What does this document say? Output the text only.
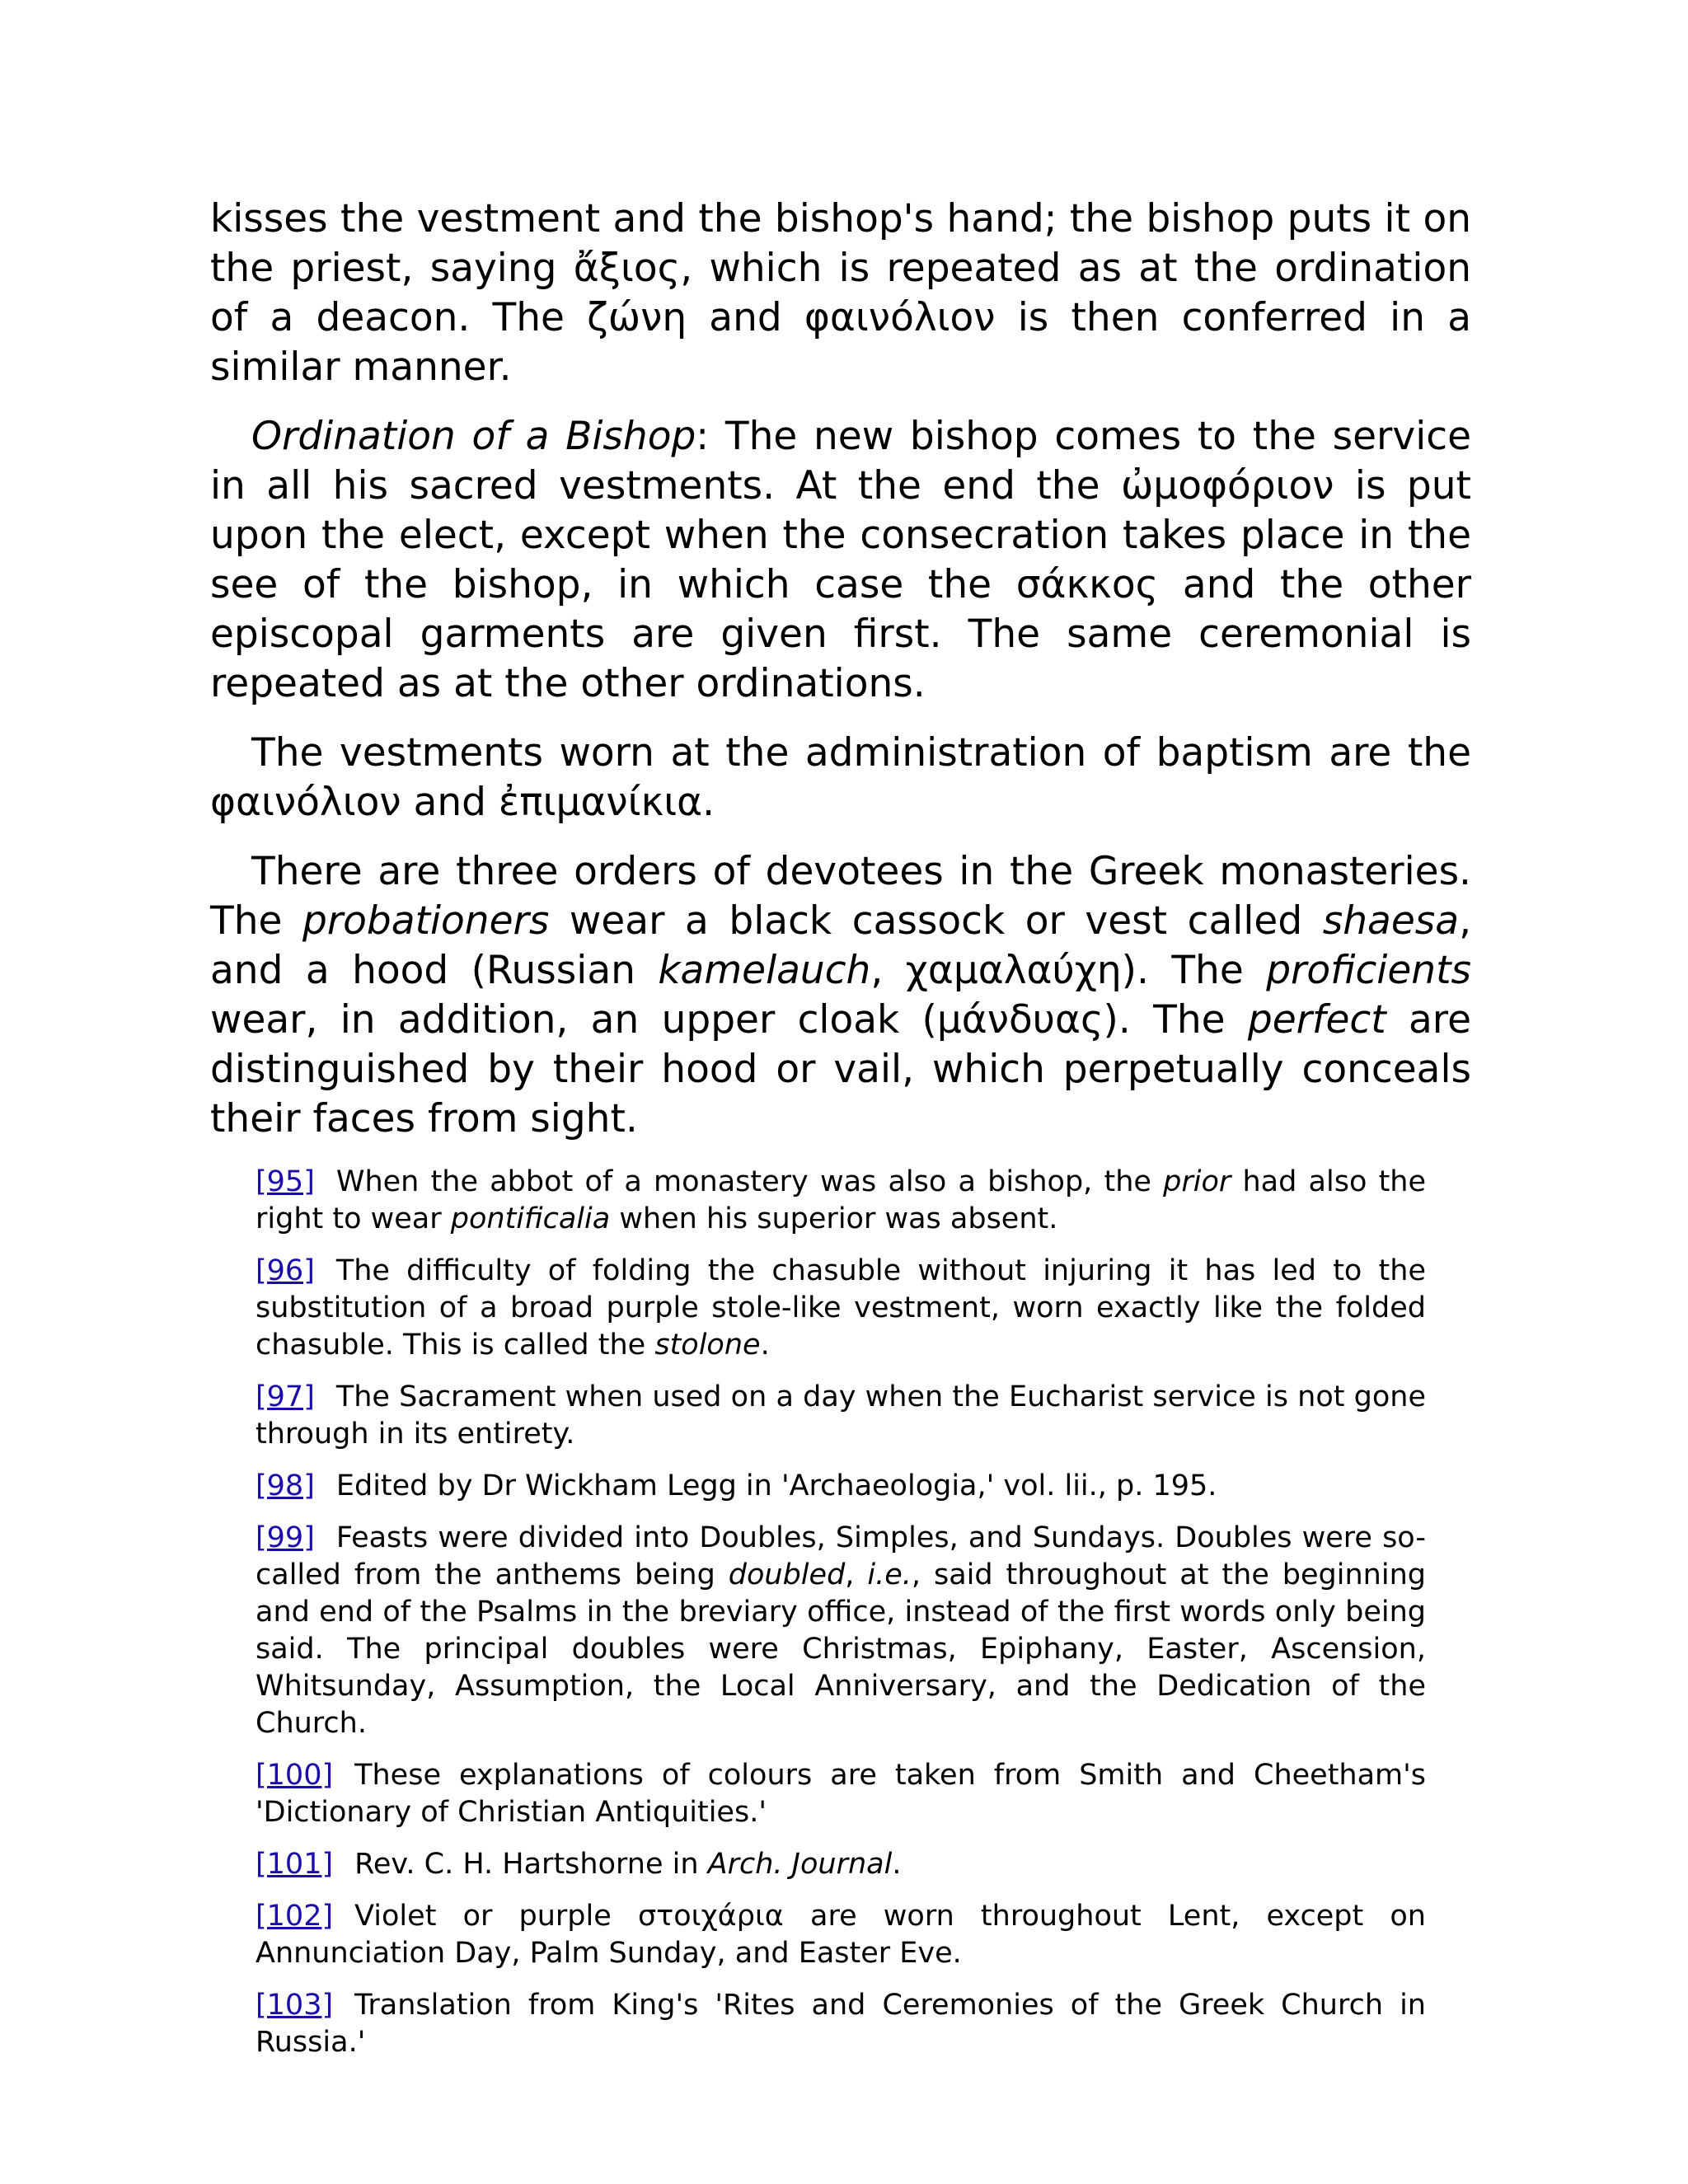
kisses the vestment and the bishop's hand; the bishop puts it on the priest, saying ἄξιος, which is repeated as at the ordination of a deacon. The ζώνη and φαινόλιον is then conferred in a similar manner.

Ordination of a Bishop: The new bishop comes to the service in all his sacred vestments. At the end the ὠμοφόριον is put upon the elect, except when the consecration takes place in the see of the bishop, in which case the σάκκος and the other episcopal garments are given first. The same ceremonial is repeated as at the other ordinations.

The vestments worn at the administration of baptism are the φαινόλιον and ἐπιμανίκια.

There are three orders of devotees in the Greek monasteries. The probationers wear a black cassock or vest called shaesa, and a hood (Russian kamelauch, χαμαλαύχη). The proficients wear, in addition, an upper cloak (μάνδυας). The perfect are distinguished by their hood or vail, which perpetually conceals their faces from sight.

[95] When the abbot of a monastery was also a bishop, the prior had also the right to wear pontificalia when his superior was absent.

[96] The difficulty of folding the chasuble without injuring it has led to the substitution of a broad purple stole-like vestment, worn exactly like the folded chasuble. This is called the stolone.

[97] The Sacrament when used on a day when the Eucharist service is not gone through in its entirety.

[98] Edited by Dr Wickham Legg in 'Archaeologia,' vol. lii., p. 195.

[99] Feasts were divided into Doubles, Simples, and Sundays. Doubles were so-called from the anthems being doubled, i.e., said throughout at the beginning and end of the Psalms in the breviary office, instead of the first words only being said. The principal doubles were Christmas, Epiphany, Easter, Ascension, Whitsunday, Assumption, the Local Anniversary, and the Dedication of the Church.

[100] These explanations of colours are taken from Smith and Cheetham's 'Dictionary of Christian Antiquities.'

[101] Rev. C. H. Hartshorne in Arch. Journal.

[102] Violet or purple στοιχάρια are worn throughout Lent, except on Annunciation Day, Palm Sunday, and Easter Eve.

[103] Translation from King's 'Rites and Ceremonies of the Greek Church in Russia.'
